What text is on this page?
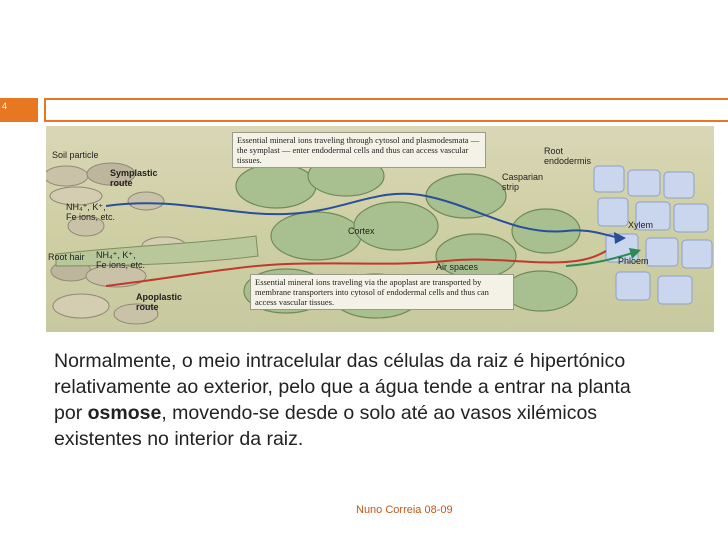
4
Soil particle
Symplastic
route
NH₄⁺, K⁺,
Fe ions, etc.
Root hair NH₄⁺, K⁺,
Fe ions, etc.
Apoplastic
route
Cortex
Air spaces
Root
endodermis
Casparian
strip
Xylem
Phloem
Essential mineral ions traveling through cytosol and plasmodesmata — the symplast — enter endodermal cells and thus can access vascular tissues.
Essential mineral ions traveling via the apoplast are transported by membrane transporters into cytosol of endodermal cells and thus can access vascular tissues.
Normalmente, o meio intracelular das células da raiz é hipertónico relativamente ao exterior, pelo que a água tende a entrar na planta por osmose, movendo-se desde o solo até ao vasos xilémicos existentes no interior da raiz.
Nuno Correia 08-09
